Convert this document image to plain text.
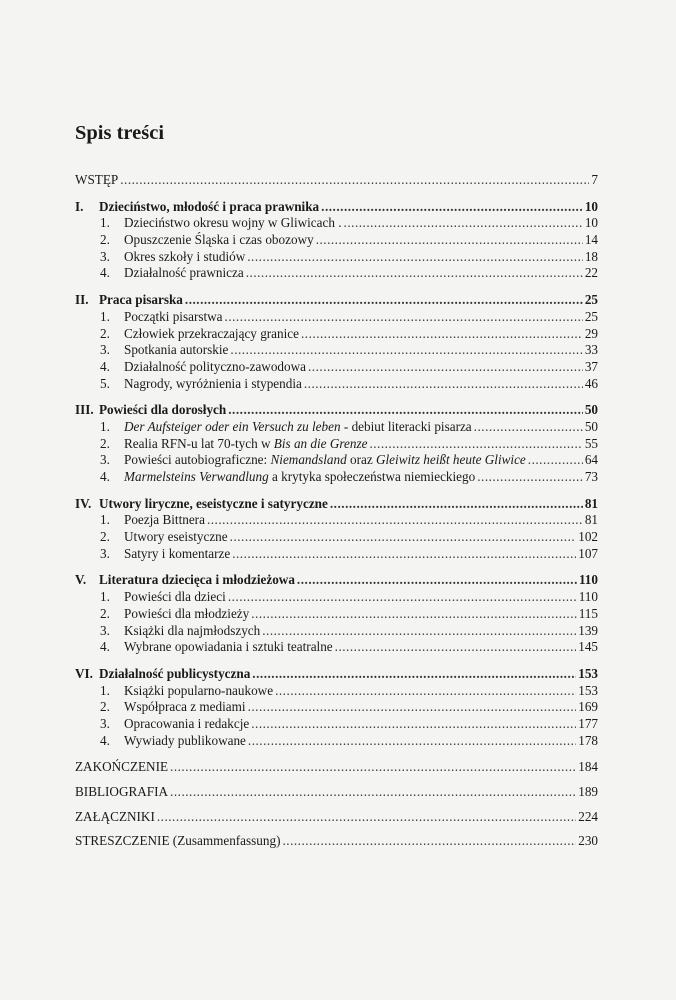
Spis treści
WSTĘP .....	7
I.	Dzieciństwo, młodość i praca prawnika .....	10
1.	Dzieciństwo okresu wojny w Gliwicach . .....	10
2.	Opuszczenie Śląska i czas obozowy .....	14
3.	Okres szkoły i studiów .....	18
4.	Działalność prawnicza .....	22
II. Praca pisarska .....	25
1.	Początki pisarstwa .....	25
2.	Człowiek przekraczający granice .....	29
3.	Spotkania autorskie .....	33
4.	Działalność polityczno-zawodowa .....	37
5.	Nagrody, wyróżnienia i stypendia .....	46
III. Powieści dla dorosłych .....	50
1.	Der Aufsteiger oder ein Versuch zu leben - debiut literacki pisarza .....	50
2.	Realia RFN-u lat 70-tych w Bis an die Grenze .....	55
3.	Powieści autobiograficzne: Niemandsland oraz Gleiwitz heißt heute Gliwice .....	64
4.	Marmelsteins Verwandlung a krytyka społeczeństwa niemieckiego .....	73
IV. Utwory liryczne, eseistyczne i satyryczne .....	81
1.	Poezja Bittnera .....	81
2.	Utwory eseistyczne .....	102
3.	Satyry i komentarze .....	107
V. Literatura dziecięca i młodzieżowa .....	110
1.	Powieści dla dzieci .....	110
2.	Powieści dla młodzieży .....	115
3.	Książki dla najmłodszych .....	139
4.	Wybrane opowiadania i sztuki teatralne .....	145
VI. Działalność publicystyczna .....	153
1.	Książki popularno-naukowe .....	153
2.	Współpraca z mediami .....	169
3.	Opracowania i redakcje .....	177
4.	Wywiady publikowane .....	178
ZAKOŃCZENIE .....	184
BIBLIOGRAFIA .....	189
ZAŁĄCZNIKI .....	224
STRESZCZENIE (Zusammenfassung) .....	230
